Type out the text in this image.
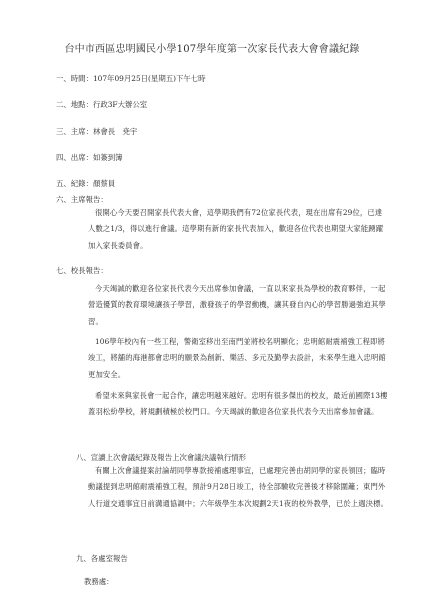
台中市西區忠明國民小學107學年度第一次家長代表大會會議紀錄
一、時間：107年09月25日(星期五)下午七時
二、地點：行政3F大辦公室
三、主席：林會長　尭宇
四、出席：如簽到簿
五、紀錄：顏蔡員
六、主席報告：
很開心今天要召開家長代表大會，這學期我們有72位家長代表，現在出席有29位，已達人數之1/3，得以進行會議。這學期有新的家長代表加入，歡迎各位代表也期望大家能踴躍加入家長委員會。
七、校長報告：
今天竭誠的歡迎各位家長代表今天出席參加會議，一直以來家長為學校的教育夥伴，一起營造優質的教育環境讓孩子學習，激發孩子的學習動機，讓其發自內心的學習勝過強迫其學習。
106學年校內有一些工程，警衛室移出至南門並將校名明顯化；忠明館耐震補強工程即將竣工，將舖的海港都會忠明的願景為創新、樂活、多元及勤學去設計，未來學生進入忠明館更加安全。
希望未來與家長會一起合作，讓忠明越來越好。忠明有很多傑出的校友，最近前國際13樓蓋羽松紛學校，將規劃積極於校門口。今天竭誠的歡迎各位家長代表今天出席參加會議。
八、宣讀上次會議紀錄及報告上次會議決議執行情形
有關上次會議提案討論胡同學專款接補處理事宜，已處理完善由胡同學的家長領回；臨時動議提到忠明館耐震補強工程，預計9月28日竣工，待全部驗收完善後才移除圍籬；東門外人行道交通事宜日前溝通協調中；六年級學生本次規劃2天1夜的校外教學，已於上週決標。
九、各處室報告
教務處：
